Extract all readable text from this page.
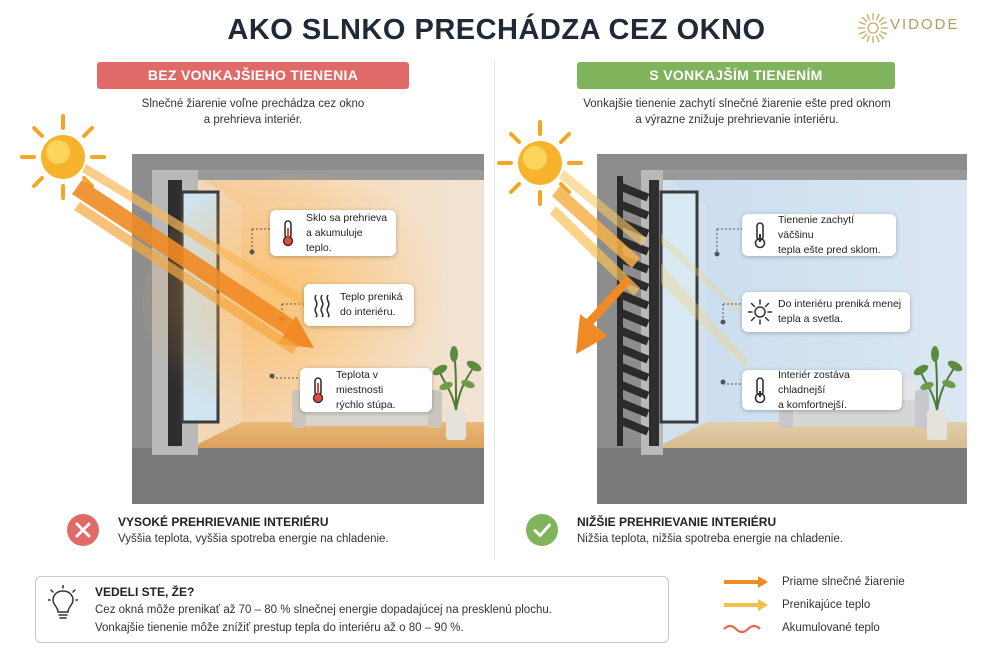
AKO SLNKO PRECHÁDZA CEZ OKNO	VIDODE
BEZ VONKAJŠIEHO TIENENIA	S VONKAJŠÍM TIENENÍM
Slnečné žiarenie voľne prechádza cez okno
a prehrieva interiér.
Vonkajšie tienenie zachytí slnečné žiarenie ešte pred oknom
a výrazne znižuje prehrievanie interiéru.
Sklo sa prehrieva
a akumuluje teplo.
Teplo preniká
do interiéru.
Teplota v miestnosti
rýchlo stúpa.
Tienenie zachytí väčšinu
tepla ešte pred sklom.
Do interiéru preniká menej
tepla a svetla.
Interiér zostáva chladnejší
a komfortnejší.
VYSOKÉ PREHRIEVANIE INTERIÉRU
Vyššia teplota, vyššia spotreba energie na chladenie.
NIŽŠIE PREHRIEVANIE INTERIÉRU
Nižšia teplota, nižšia spotreba energie na chladenie.
VEDELI STE, ŽE?
Cez okná môže prenikať až 70 – 80 % slnečnej energie dopadajúcej na presklenú plochu.
Vonkajšie tienenie môže znížiť prestup tepla do interiéru až o 80 – 90 %.
Priame slnečné žiarenie
Prenikajúce teplo
Akumulované teplo
